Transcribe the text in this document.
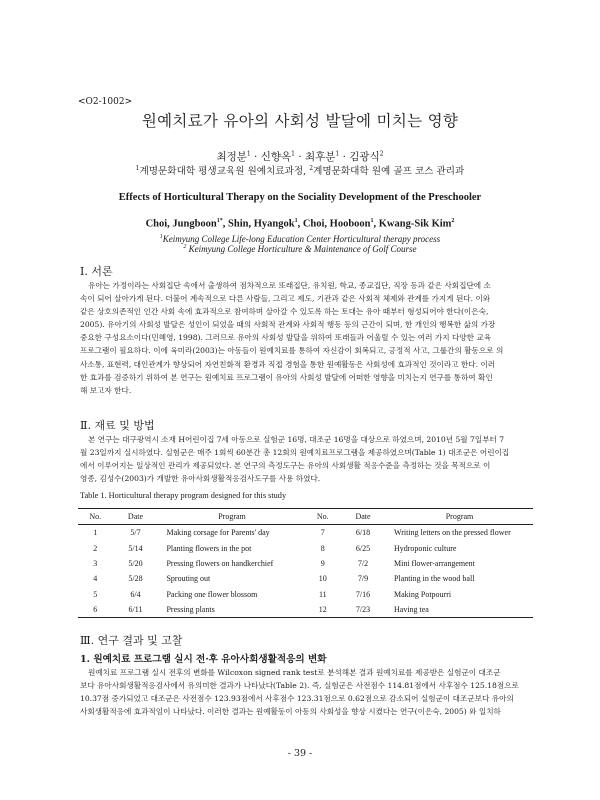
<O2-1002>
원예치료가 유아의 사회성 발달에 미치는 영향
최정분$^1$ · 신향옥$^1$ · 최후분$^1$ · 김광식$^2$
$^1$계명문화대학 평생교육원 원예치료과정, $^2$계명문화대학 원예 골프 코스 관리과
Effects of Horticultural Therapy on the Sociality Development of the Preschooler
Choi, Jungboon$^{1*}$, Shin, Hyangok$^1$, Choi, Hooboon$^1$, Kwang-Sik Kim$^2$
$^1$Keimyung College Life-long Education Center Horticultural therapy process
$^2$ Keimyung College Horticulture & Maintenance of Golf Course
Ⅰ. 서론
유아는 가정이라는 사회집단 속에서 출생하여 점차적으로 또래집단, 유치원, 학교, 종교집단, 직장 등과 같은 사회집단에 소
속이 되어 살아가게 된다. 더불어 계속적으로 다른 사람들, 그리고 제도, 기관과 같은 사회적 체제와 관계를 가지게 된다. 이와
같은 상호의존적인 인간 사회 속에 효과적으로 참여하며 살아갈 수 있도록 하는 토대는 유아 때부터 형성되어야 한다(이은숙,
2005). 유아기의 사회성 발달은 성인이 되었을 때의 사회적 관계와 사회적 행동 등의 근간이 되며, 한 개인의 행복한 삶의 가장
중요한 구성요소이다(민혜영, 1998). 그러므로 유아의 사회성 발달을 위하여 또래들과 어울릴 수 있는 여러 가지 다양한 교육
프로그램이 필요하다. 이에 육미라(2003)는 아동들이 원예치료를 통하여 자신감이 회복되고, 긍정적 사고, 그룹간의 활동으로 의
사소통, 표현력, 대인관계가 향상되어 자연친화적 환경과 직접 경험을 통한 원예활동은 사회성에 효과적인 것이라고 한다. 이러
한 효과를 검증하기 위하여 본 연구는 원예치료 프로그램이 유아의 사회성 발달에 어떠한 영향을 미치는지 연구를 통하여 확인
해 보고자 한다.
Ⅱ. 재료 및 방법
본 연구는 대구광역시 소재 H어린이집 7세 아동으로 실험군 16명, 대조군 16명을 대상으로 하였으며, 2010년 5월 7일부터 7
월 23일까지 실시하였다. 실험군은 매주 1회씩 60분간 총 12회의 원예치료프로그램을 제공하였으며(Table 1) 대조군은 어린이집
에서 이루어지는 일상적인 관리가 제공되었다. 본 연구의 측정도구는 유아의 사회생활 적응수준을 측정하는 것을 목적으로 이
영종, 김성수(2003)가 개발한 유아사회생활적응검사도구를 사용 하였다.
Table 1. Horticultural therapy program designed for this study
No.	Date	Program	No.	Date	Program
1	5/7	Making corsage for Parents' day	7	6/18	Writing letters on the pressed flower
2	5/14	Planting flowers in the pot	8	6/25	Hydroponic culture
3	5/20	Pressing flowers on handkerchief	9	7/2	Mini flower-arrangement
4	5/28	Sprouting out	10	7/9	Planting in the wood ball
5	6/4	Packing one flower blossom	11	7/16	Making Potpourri
6	6/11	Pressing plants	12	7/23	Having tea
Ⅲ. 연구 결과 및 고찰
1. 원예치료 프로그램 실시 전·후 유아사회생활적응의 변화
원예치료 프로그램 실시 전후의 변화를 Wilcoxon signed rank test로 분석해본 결과 원예치료를 제공받은 실험군이 대조군
보다 유아사회생활적응검사에서 유의미한 결과가 나타났다(Table 2). 즉, 실험군은 사전점수 114.81점에서 사후점수 125.18점으로
10.37점 증가되었고 대조군은 사전점수 123.93점에서 사후점수 123.31점으로 0.62점으로 감소되어 실험군이 대조군보다 유아의
사회생활적응에 효과적임이 나타났다. 이러한 결과는 원예활동이 아동의 사회성을 향상 시켰다는 연구(이은숙, 2005) 와 일치하
- 39 -
